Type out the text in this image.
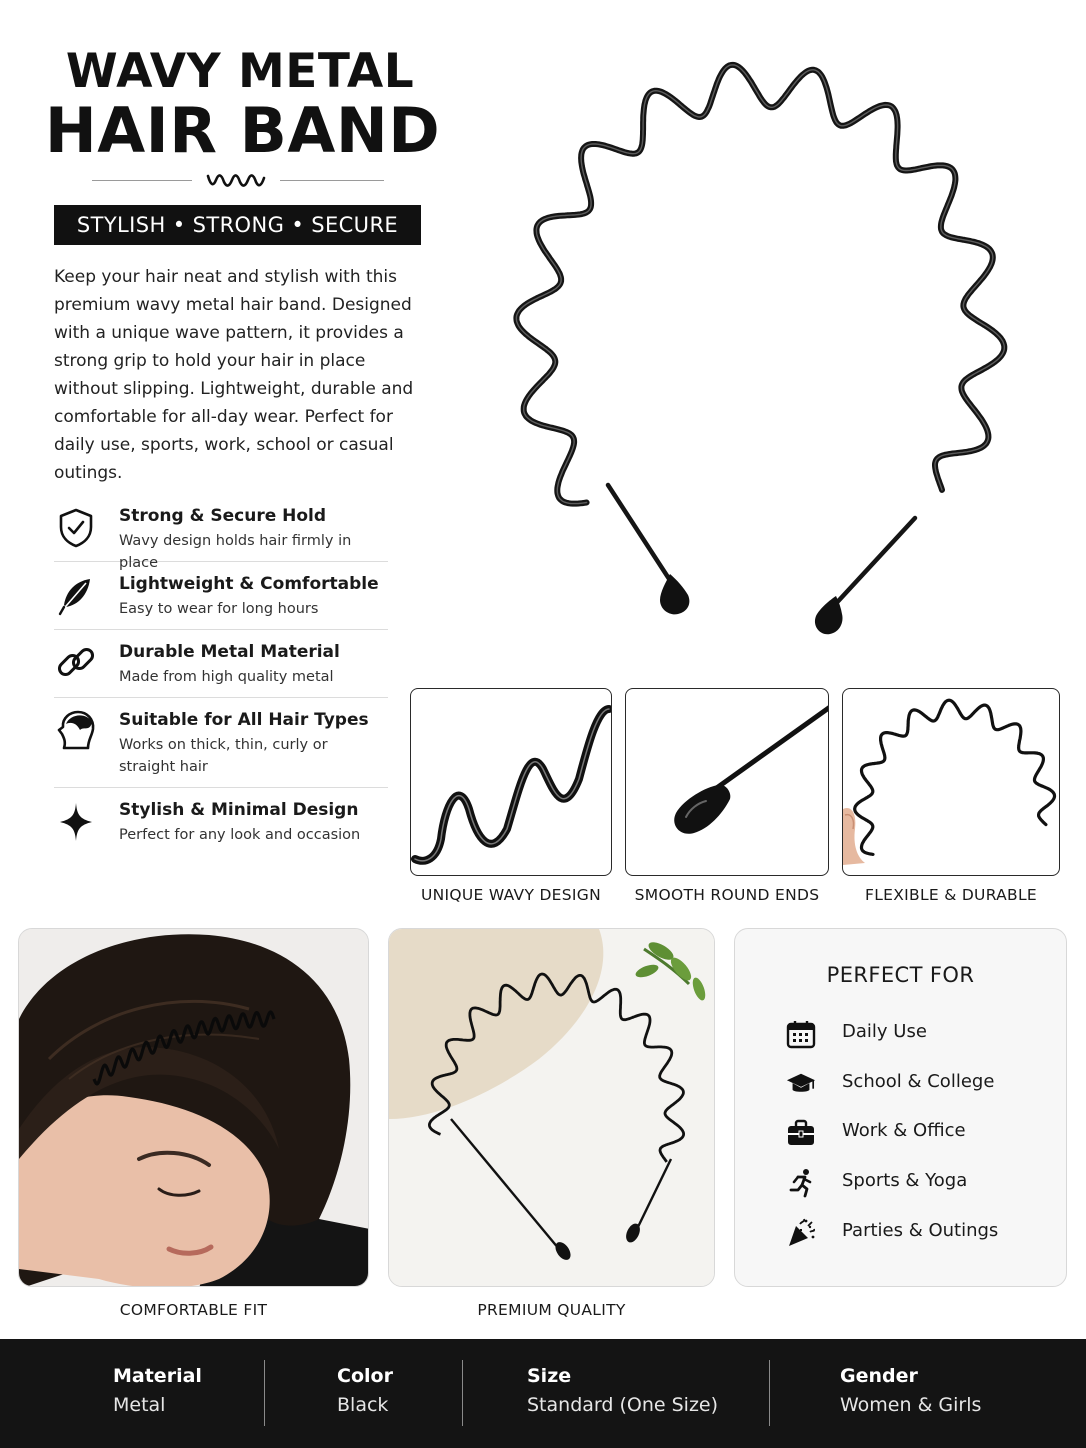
WAVY METAL
HAIR BAND
STYLISH • STRONG • SECURE
Keep your hair neat and stylish with this premium wavy metal hair band. Designed with a unique wave pattern, it provides a strong grip to hold your hair in place without slipping. Lightweight, durable and comfortable for all-day wear. Perfect for daily use, sports, work, school or casual outings.
Strong & Secure Hold
Wavy design holds hair firmly in place
Lightweight & Comfortable
Easy to wear for long hours
Durable Metal Material
Made from high quality metal
Suitable for All Hair Types
Works on thick, thin, curly or straight hair
Stylish & Minimal Design
Perfect for any look and occasion
UNIQUE WAVY DESIGN	SMOOTH ROUND ENDS	FLEXIBLE & DURABLE
COMFORTABLE FIT	PREMIUM QUALITY
PERFECT FOR
Daily Use
School & College
Work & Office
Sports & Yoga
Parties & Outings
Material
Metal
Color
Black
Size
Standard (One Size)
Gender
Women & Girls
